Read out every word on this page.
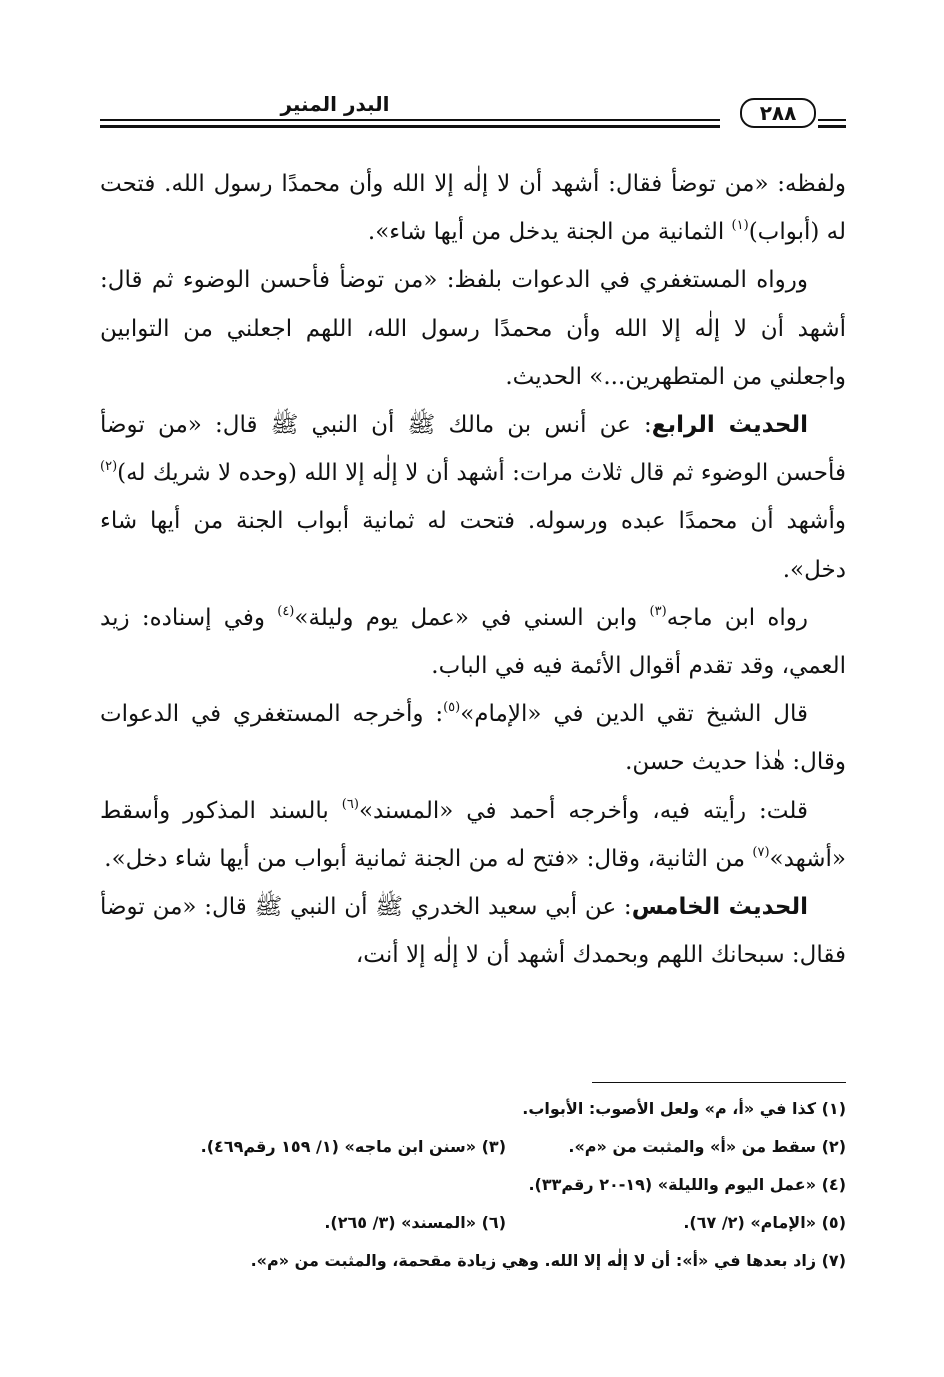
البدر المنير	٢٨٨

ولفظه: «من توضأ فقال: أشهد أن لا إلٰه إلا الله وأن محمدًا رسول الله. فتحت له (أبواب)$^{(١)}$ الثمانية من الجنة يدخل من أيها شاء».

ورواه المستغفري في الدعوات بلفظ: «من توضأ فأحسن الوضوء ثم قال: أشهد أن لا إلٰه إلا الله وأن محمدًا رسول الله، اللهم اجعلني من التوابين واجعلني من المتطهرين...» الحديث.

الحديث الرابع: عن أنس بن مالك ﷺ أن النبي ﷺ قال: «من توضأ فأحسن الوضوء ثم قال ثلاث مرات: أشهد أن لا إلٰه إلا الله (وحده لا شريك له)$^{(٢)}$ وأشهد أن محمدًا عبده ورسوله. فتحت له ثمانية أبواب الجنة من أيها شاء دخل».

رواه ابن ماجه$^{(٣)}$ وابن السني في «عمل يوم وليلة»$^{(٤)}$ وفي إسناده: زيد العمي، وقد تقدم أقوال الأئمة فيه في الباب.

قال الشيخ تقي الدين في «الإمام»$^{(٥)}$: وأخرجه المستغفري في الدعوات وقال: هٰذا حديث حسن.

قلت: رأيته فيه، وأخرجه أحمد في «المسند»$^{(٦)}$ بالسند المذكور وأسقط «أشهد»$^{(٧)}$ من الثانية، وقال: «فتح له من الجنة ثمانية أبواب من أيها شاء دخل».

الحديث الخامس: عن أبي سعيد الخدري ﷺ أن النبي ﷺ قال: «من توضأ فقال: سبحانك اللهم وبحمدك أشهد أن لا إلٰه إلا أنت،

(١) كذا في «أ، م» ولعل الأصوب: الأبواب.
(٢) سقط من «أ» والمثبت من «م».
(٣) «سنن ابن ماجه» (١/ ١٥٩ رقم٤٦٩).
(٤) «عمل اليوم والليلة» (١٩-٢٠ رقم٣٣).
(٥) «الإمام» (٢/ ٦٧).
(٦) «المسند» (٣/ ٢٦٥).
(٧) زاد بعدها في «أ»: أن لا إلٰه إلا الله. وهي زيادة مقحمة، والمثبت من «م».
